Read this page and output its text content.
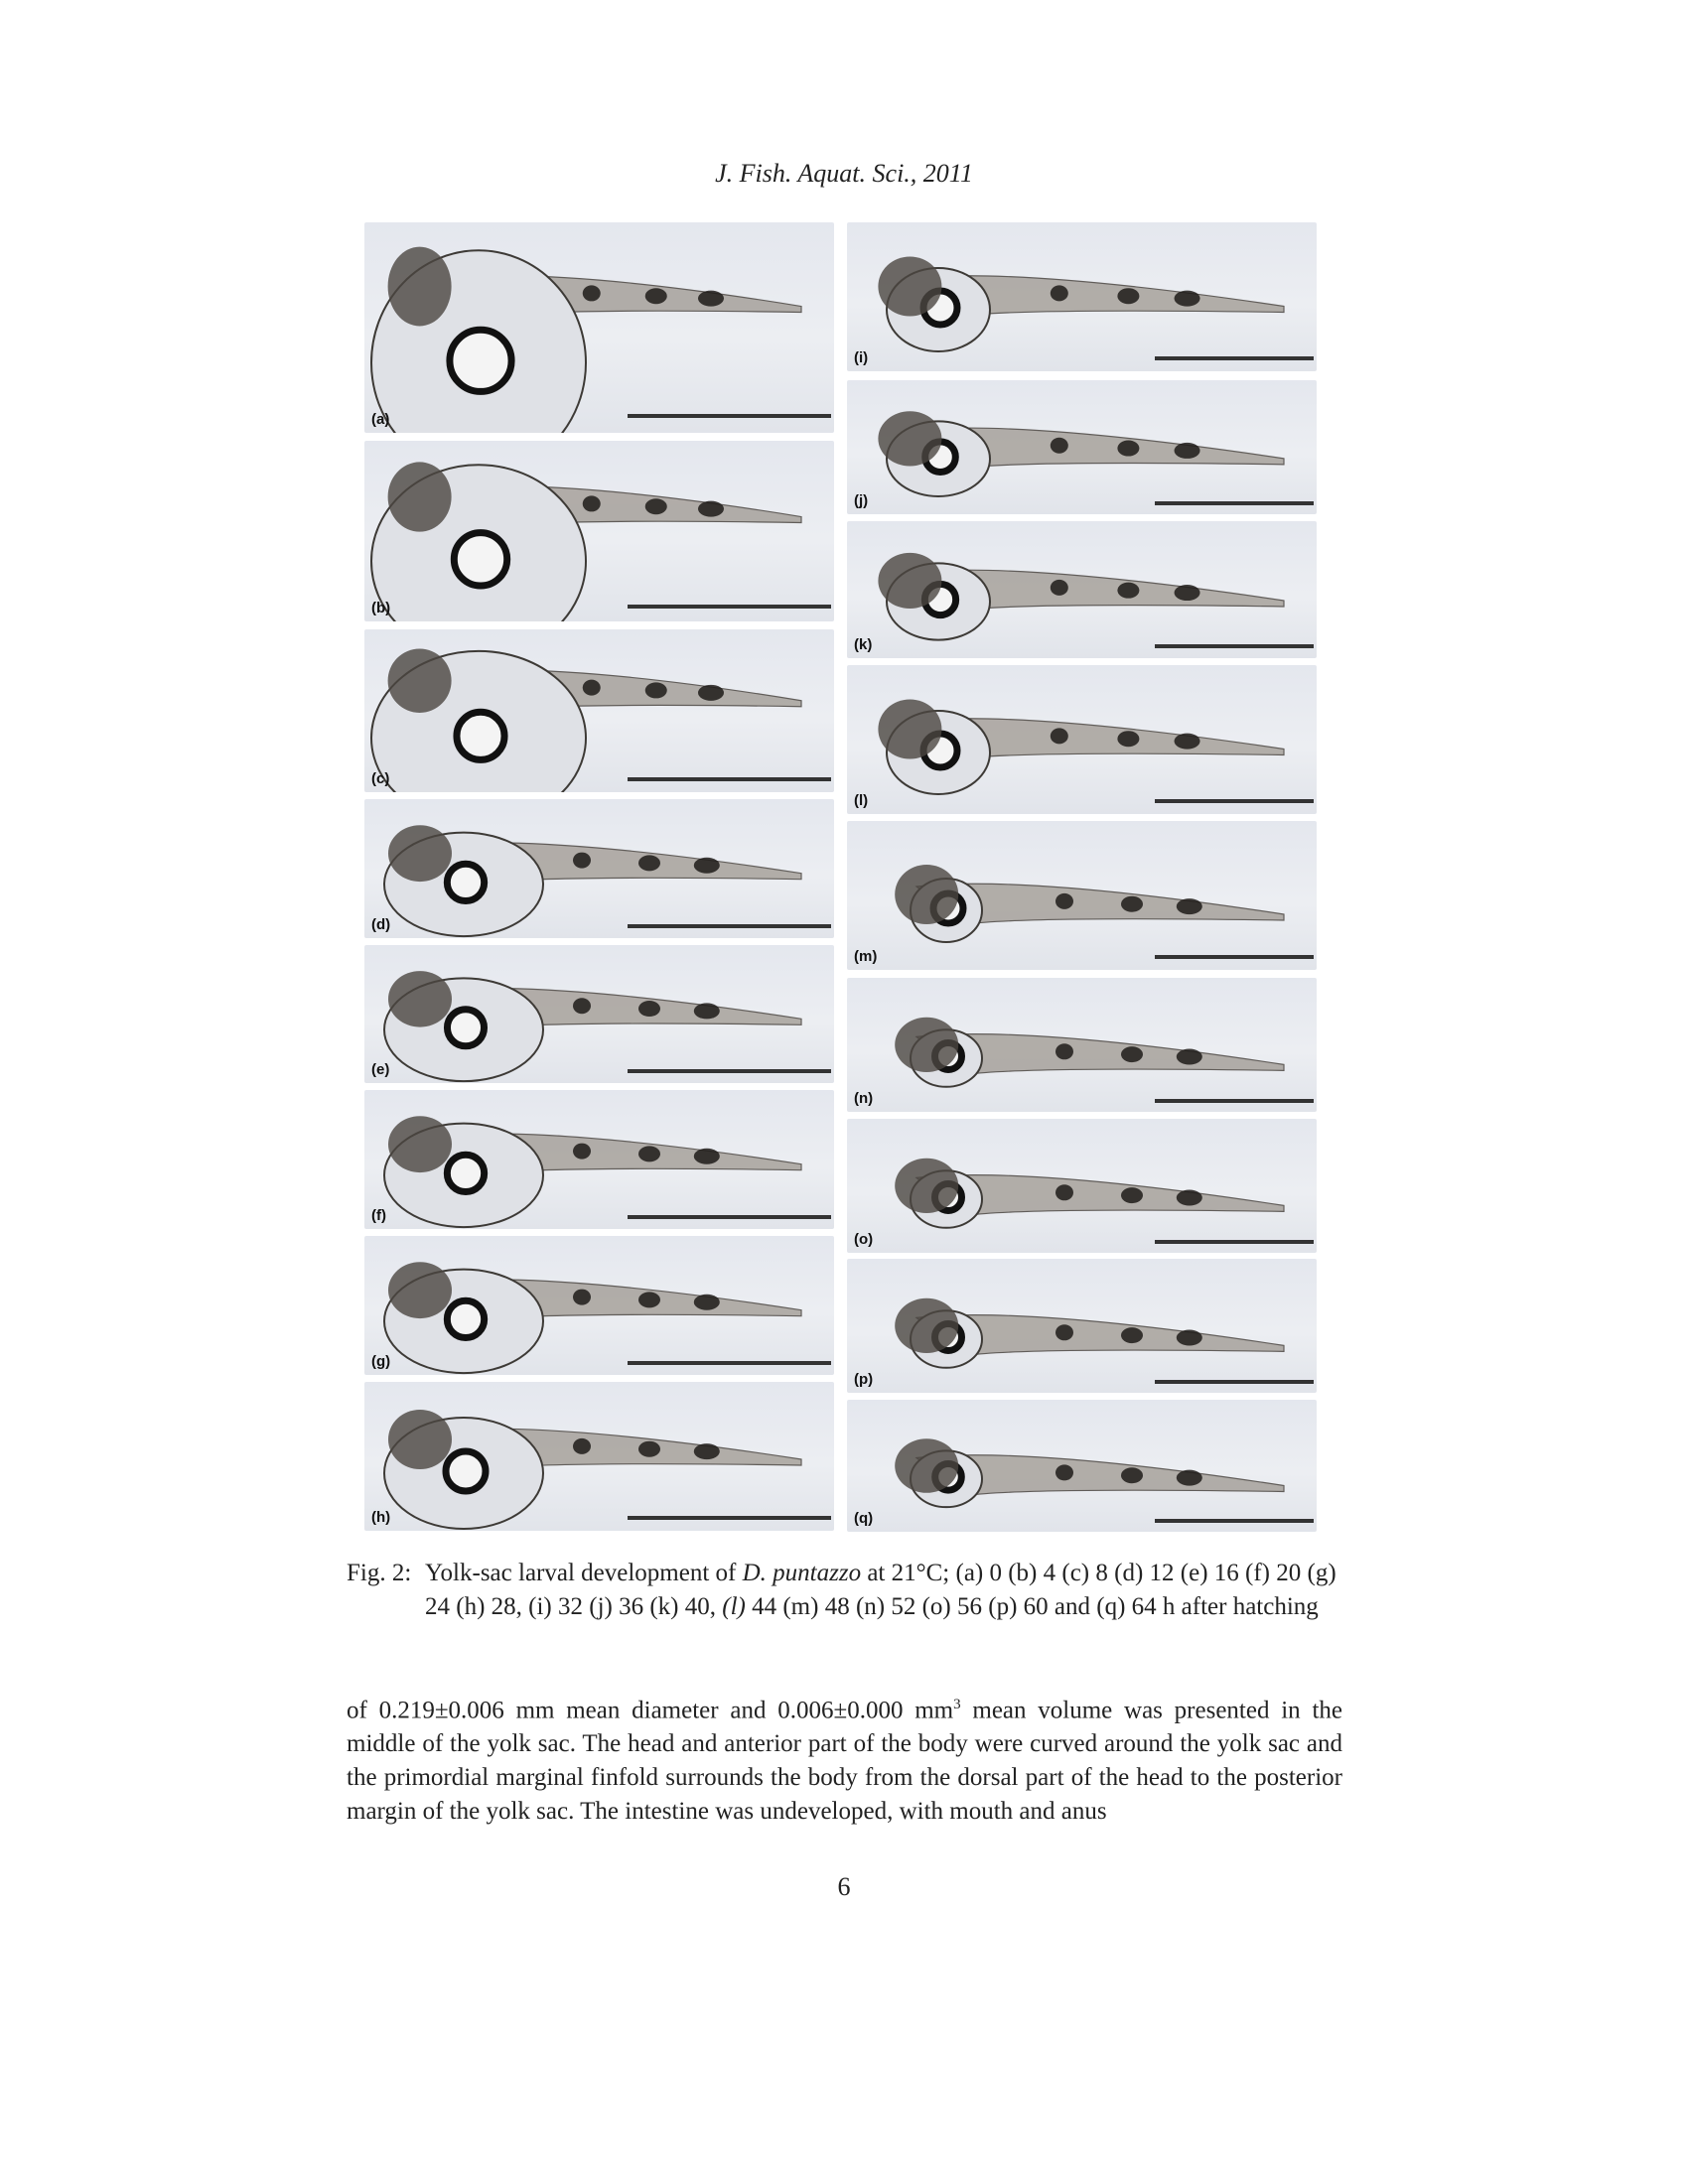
J. Fish. Aquat. Sci., 2011
(a)
(b)
(c)
(d)
(e)
(f)
(g)
(h)
(i)
(j)
(k)
(l)
(m)
(n)
(o)
(p)
(q)
Fig. 2: Yolk-sac larval development of D. puntazzo at 21°C; (a) 0 (b) 4 (c) 8 (d) 12 (e) 16 (f) 20 (g) 24 (h) 28, (i) 32 (j) 36 (k) 40, (l) 44 (m) 48 (n) 52 (o) 56 (p) 60 and (q) 64 h after hatching
of 0.219±0.006 mm mean diameter and 0.006±0.000 $mm^3$ mean volume was presented in the middle of the yolk sac. The head and anterior part of the body were curved around the yolk sac and the primordial marginal finfold surrounds the body from the dorsal part of the head to the posterior margin of the yolk sac. The intestine was undeveloped, with mouth and anus
6
